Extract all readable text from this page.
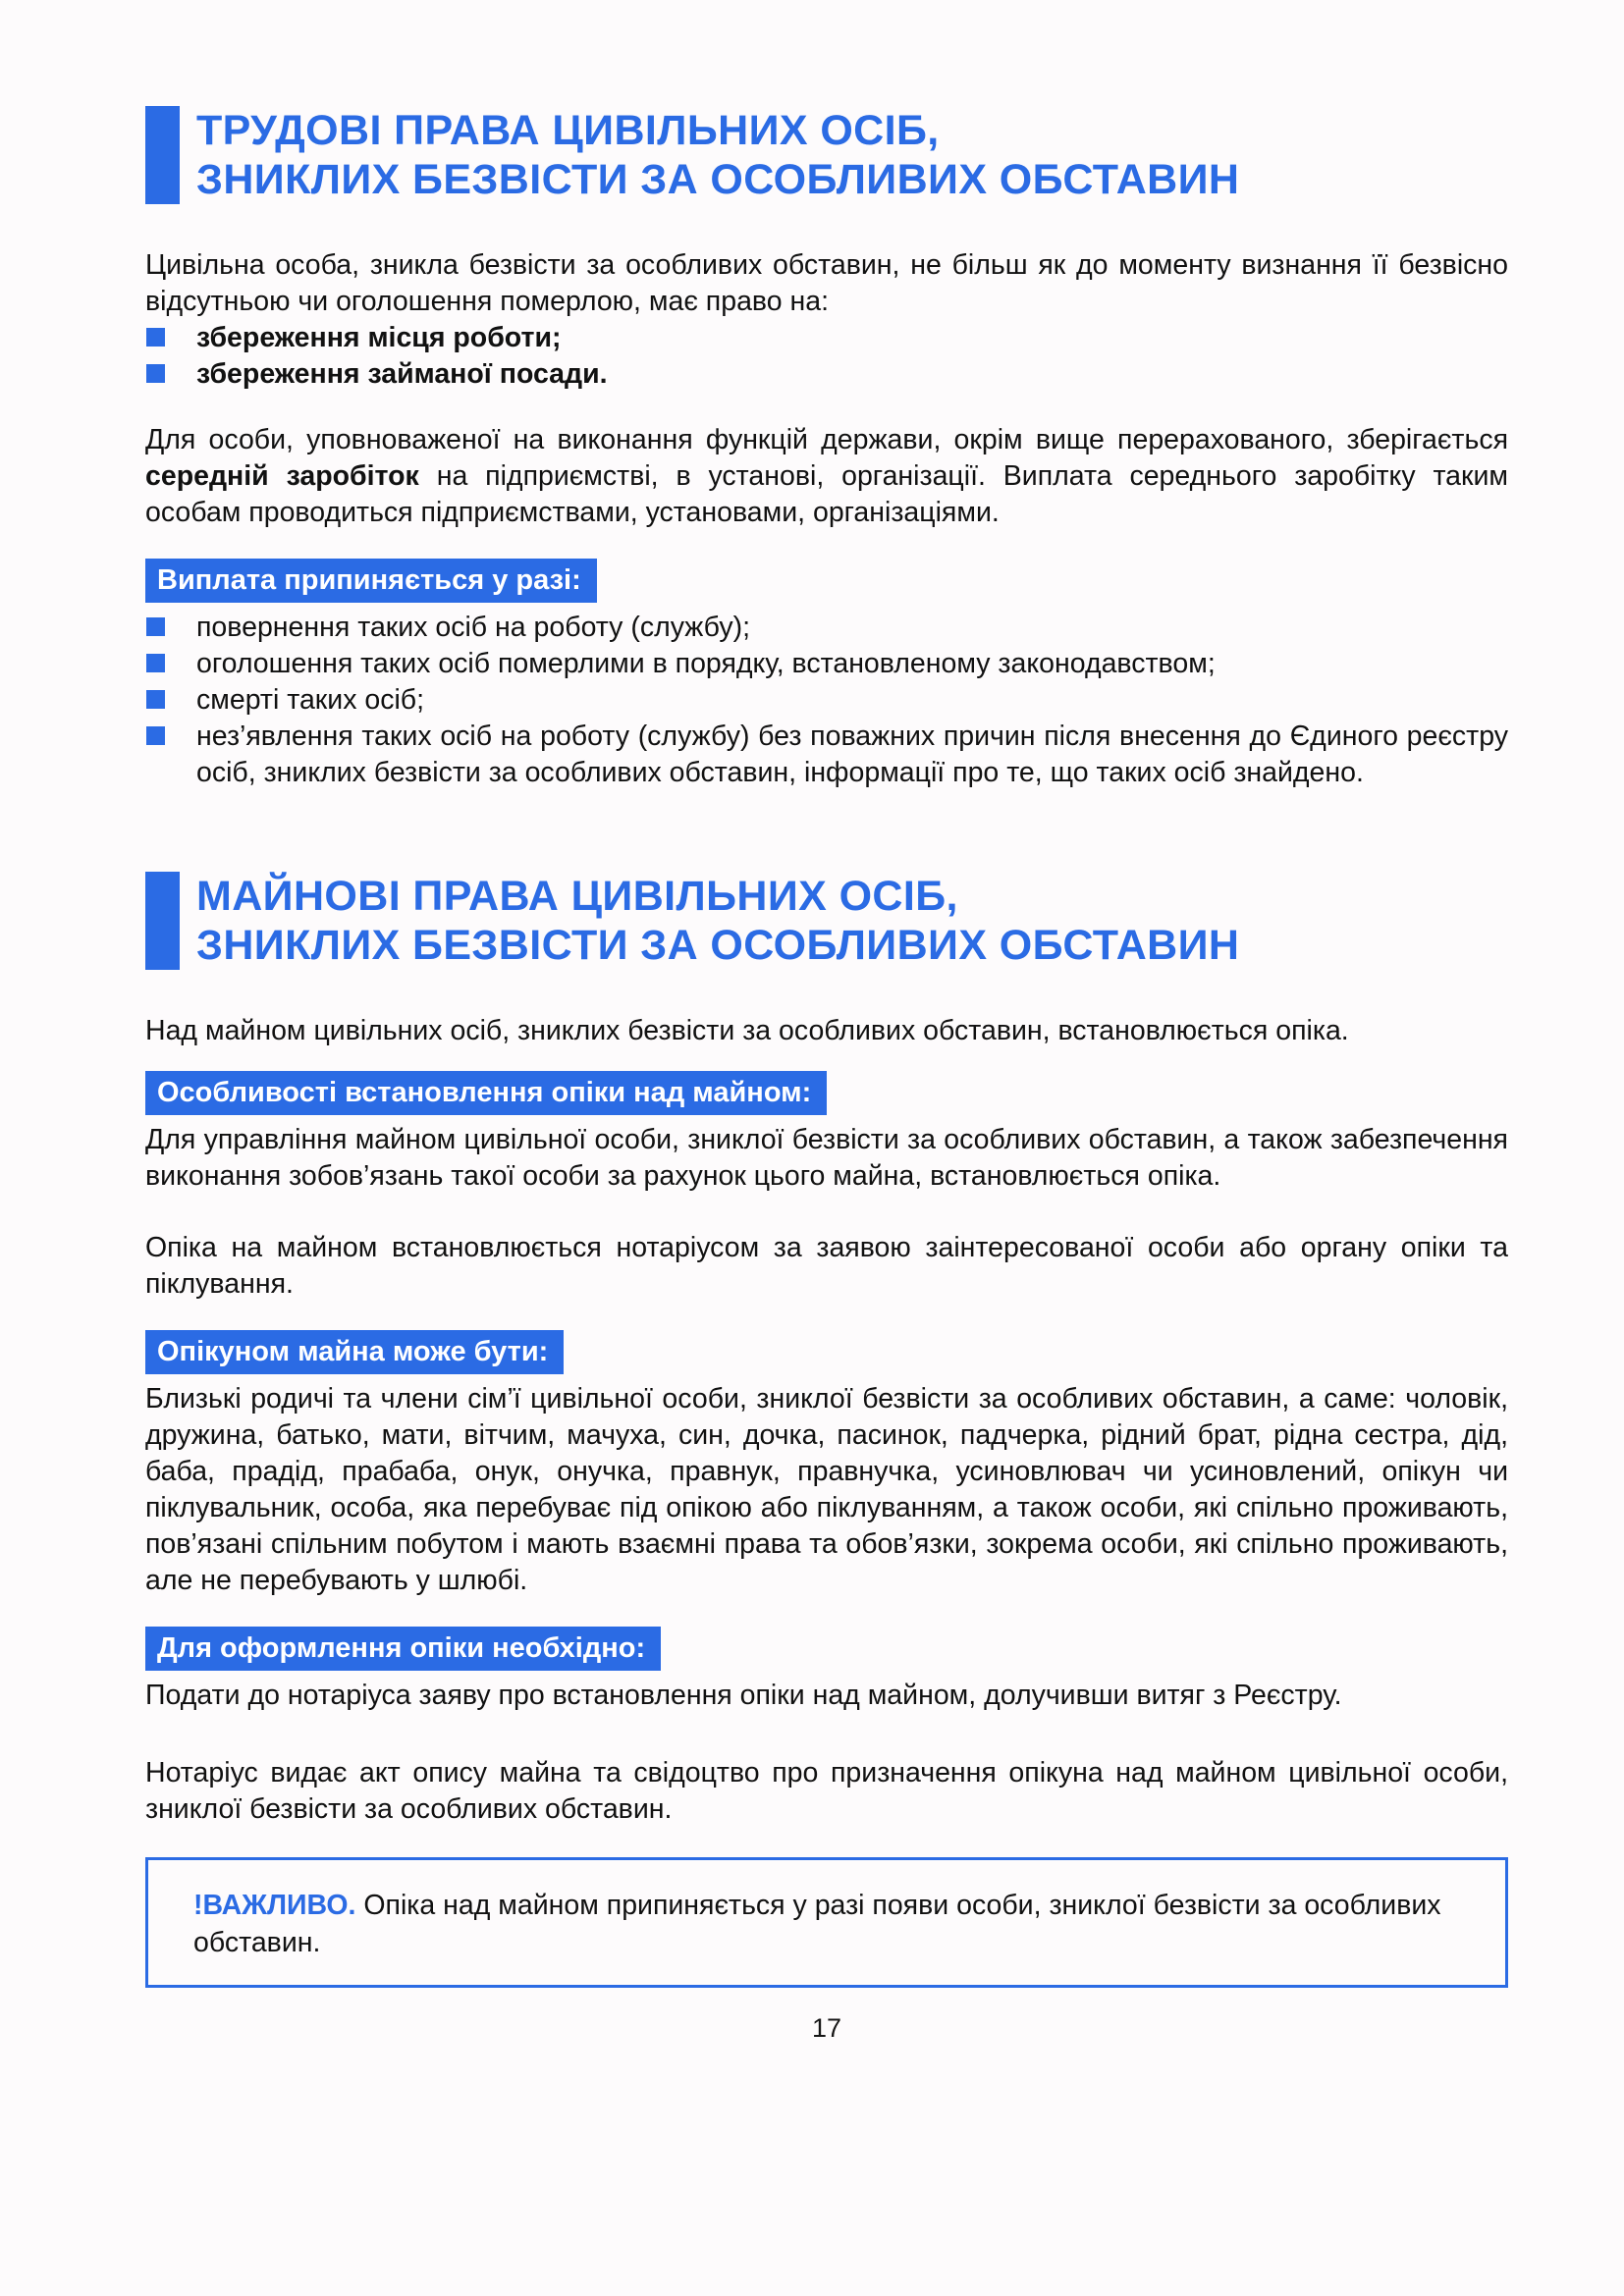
ТРУДОВІ ПРАВА ЦИВІЛЬНИХ ОСІБ,
ЗНИКЛИХ БЕЗВІСТИ ЗА ОСОБЛИВИХ ОБСТАВИН

Цивільна особа, зникла безвісти за особливих обставин, не більш як до моменту визнання її безвісно відсутньою чи оголошення померлою, має право на:

збереження місця роботи;
збереження займаної посади.

Для особи, уповноваженої на виконання функцій держави, окрім вище перерахованого, зберігається середній заробіток на підприємстві, в установі, організації. Виплата середнього заробітку таким особам проводиться підприємствами, установами, організаціями.

Виплата припиняється у разі:
повернення таких осіб на роботу (службу);
оголошення таких осіб померлими в порядку, встановленому законодавством;
смерті таких осіб;
нез’явлення таких осіб на роботу (службу) без поважних причин після внесення до Єдиного реєстру осіб, зниклих безвісти за особливих обставин, інформації про те, що таких осіб знайдено.
МАЙНОВІ ПРАВА ЦИВІЛЬНИХ ОСІБ,
ЗНИКЛИХ БЕЗВІСТИ ЗА ОСОБЛИВИХ ОБСТАВИН

Над майном цивільних осіб, зниклих безвісти за особливих обставин, встановлюється опіка.

Особливості встановлення опіки над майном:

Для управління майном цивільної особи, зниклої безвісти за особливих обставин, а також забезпечення виконання зобов’язань такої особи за рахунок цього майна, встановлюється опіка.

Опіка на майном встановлюється нотаріусом за заявою заінтересованої особи або органу опіки та піклування.

Опікуном майна може бути:

Близькі родичі та члени сім’ї цивільної особи, зниклої безвісти за особливих обставин, а саме: чоловік, дружина, батько, мати, вітчим, мачуха, син, дочка, пасинок, падчерка, рідний брат, рідна сестра, дід, баба, прадід, прабаба, онук, онучка, правнук, правнучка, усиновлювач чи усиновлений, опікун чи піклувальник, особа, яка перебуває під опікою або піклуванням, а також особи, які спільно проживають, пов’язані спільним побутом і мають взаємні права та обов’язки, зокрема особи, які спільно проживають, але не перебувають у шлюбі.

Для оформлення опіки необхідно:

Подати до нотаріуса заяву про встановлення опіки над майном, долучивши витяг з Реєстру.

Нотаріус видає акт опису майна та свідоцтво про призначення опікуна над майном цивільної особи, зниклої безвісти за особливих обставин.

!ВАЖЛИВО. Опіка над майном припиняється у разі появи особи, зниклої безвісти за особливих обставин.

17
